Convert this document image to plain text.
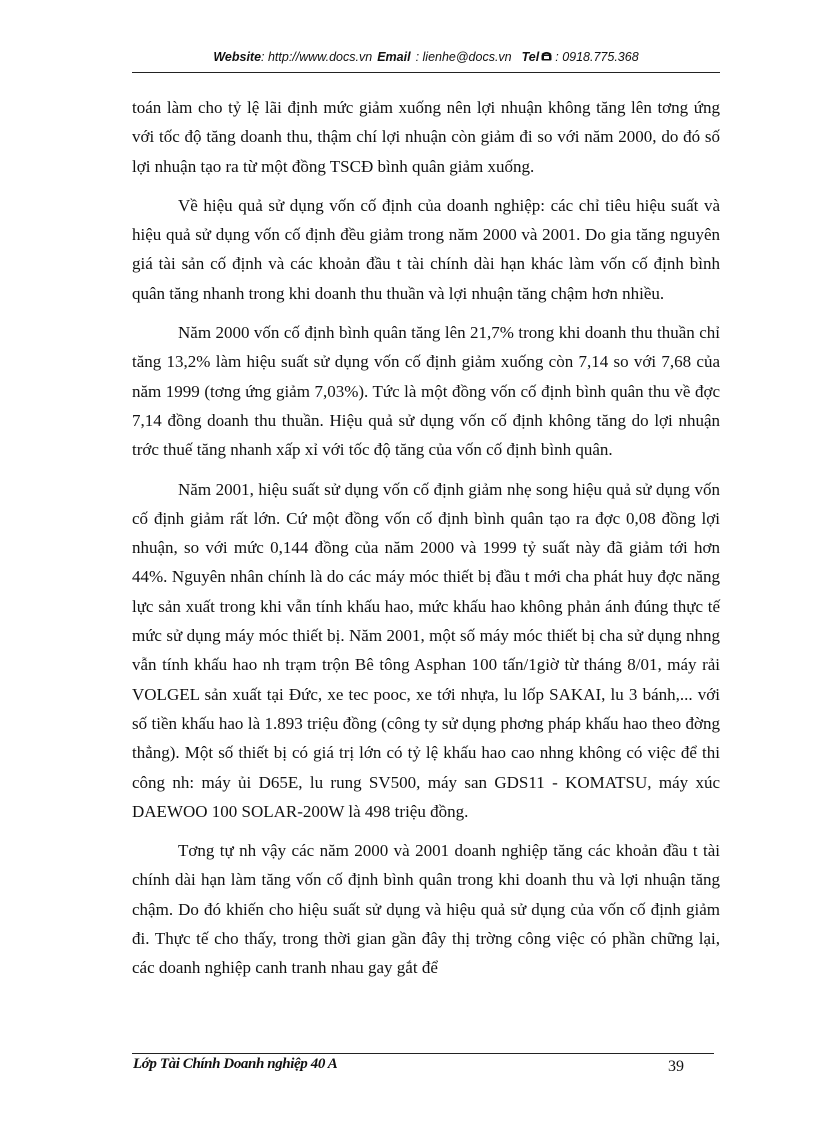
Website : http://www.docs.vn Email : lienhe@docs.vn Tel : 0918.775.368

toán làm cho tỷ lệ lãi định mức giảm xuống nên lợi nhuận không tăng lên tơng ứng với tốc độ tăng doanh thu, thậm chí lợi nhuận còn giảm đi so với năm 2000, do đó số lợi nhuận tạo ra từ một đồng TSCĐ bình quân giảm xuống.

Về hiệu quả sử dụng vốn cố định của doanh nghiệp: các chỉ tiêu hiệu suất và hiệu quả sử dụng vốn cố định đều giảm trong năm 2000 và 2001. Do gia tăng nguyên giá tài sản cố định và các khoản đầu t tài chính dài hạn khác làm vốn cố định bình quân tăng nhanh trong khi doanh thu thuần và lợi nhuận tăng chậm hơn nhiều.

Năm 2000 vốn cố định bình quân tăng lên 21,7% trong khi doanh thu thuần chỉ tăng 13,2% làm hiệu suất sử dụng vốn cố định giảm xuống còn 7,14 so với 7,68 của năm 1999 (tơng ứng giảm 7,03%). Tức là một đồng vốn cố định bình quân thu về đợc 7,14 đồng doanh thu thuần. Hiệu quả sử dụng vốn cố định không tăng do lợi nhuận trớc thuế tăng nhanh xấp xỉ với tốc độ tăng của vốn cố định bình quân.

Năm 2001, hiệu suất sử dụng vốn cố định giảm nhẹ song hiệu quả sử dụng vốn cố định giảm rất lớn. Cứ một đồng vốn cố định bình quân tạo ra đợc 0,08 đồng lợi nhuận, so với mức 0,144 đồng của năm 2000 và 1999 tỷ suất này đã giảm tới hơn 44%. Nguyên nhân chính là do các máy móc thiết bị đầu t mới cha phát huy đợc năng lực sản xuất trong khi vẫn tính khấu hao, mức khấu hao không phản ánh đúng thực tế mức sử dụng máy móc thiết bị. Năm 2001, một số máy móc thiết bị cha sử dụng nhng vẫn tính khấu hao nh trạm trộn Bê tông Asphan 100 tấn/1giờ từ tháng 8/01, máy rải VOLGEL sản xuất tại Đức, xe tec pooc, xe tới nhựa, lu lốp SAKAI, lu 3 bánh,... với số tiền khấu hao là 1.893 triệu đồng (công ty sử dụng phơng pháp khấu hao theo đờng thẳng). Một số thiết bị có giá trị lớn có tỷ lệ khấu hao cao nhng không có việc để thi công nh: máy ủi D65E, lu rung SV500, máy san GDS11 - KOMATSU, máy xúc DAEWOO 100 SOLAR-200W là 498 triệu đồng.

Tơng tự nh vậy các năm 2000 và 2001 doanh nghiệp tăng các khoản đầu t tài chính dài hạn làm tăng vốn cố định bình quân trong khi doanh thu và lợi nhuận tăng chậm. Do đó khiến cho hiệu suất sử dụng và hiệu quả sử dụng của vốn cố định giảm đi. Thực tế cho thấy, trong thời gian gần đây thị trờng công việc có phần chững lại, các doanh nghiệp canh tranh nhau gay gắt để

Lớp Tài Chính Doanh nghiệp 40 A	39
